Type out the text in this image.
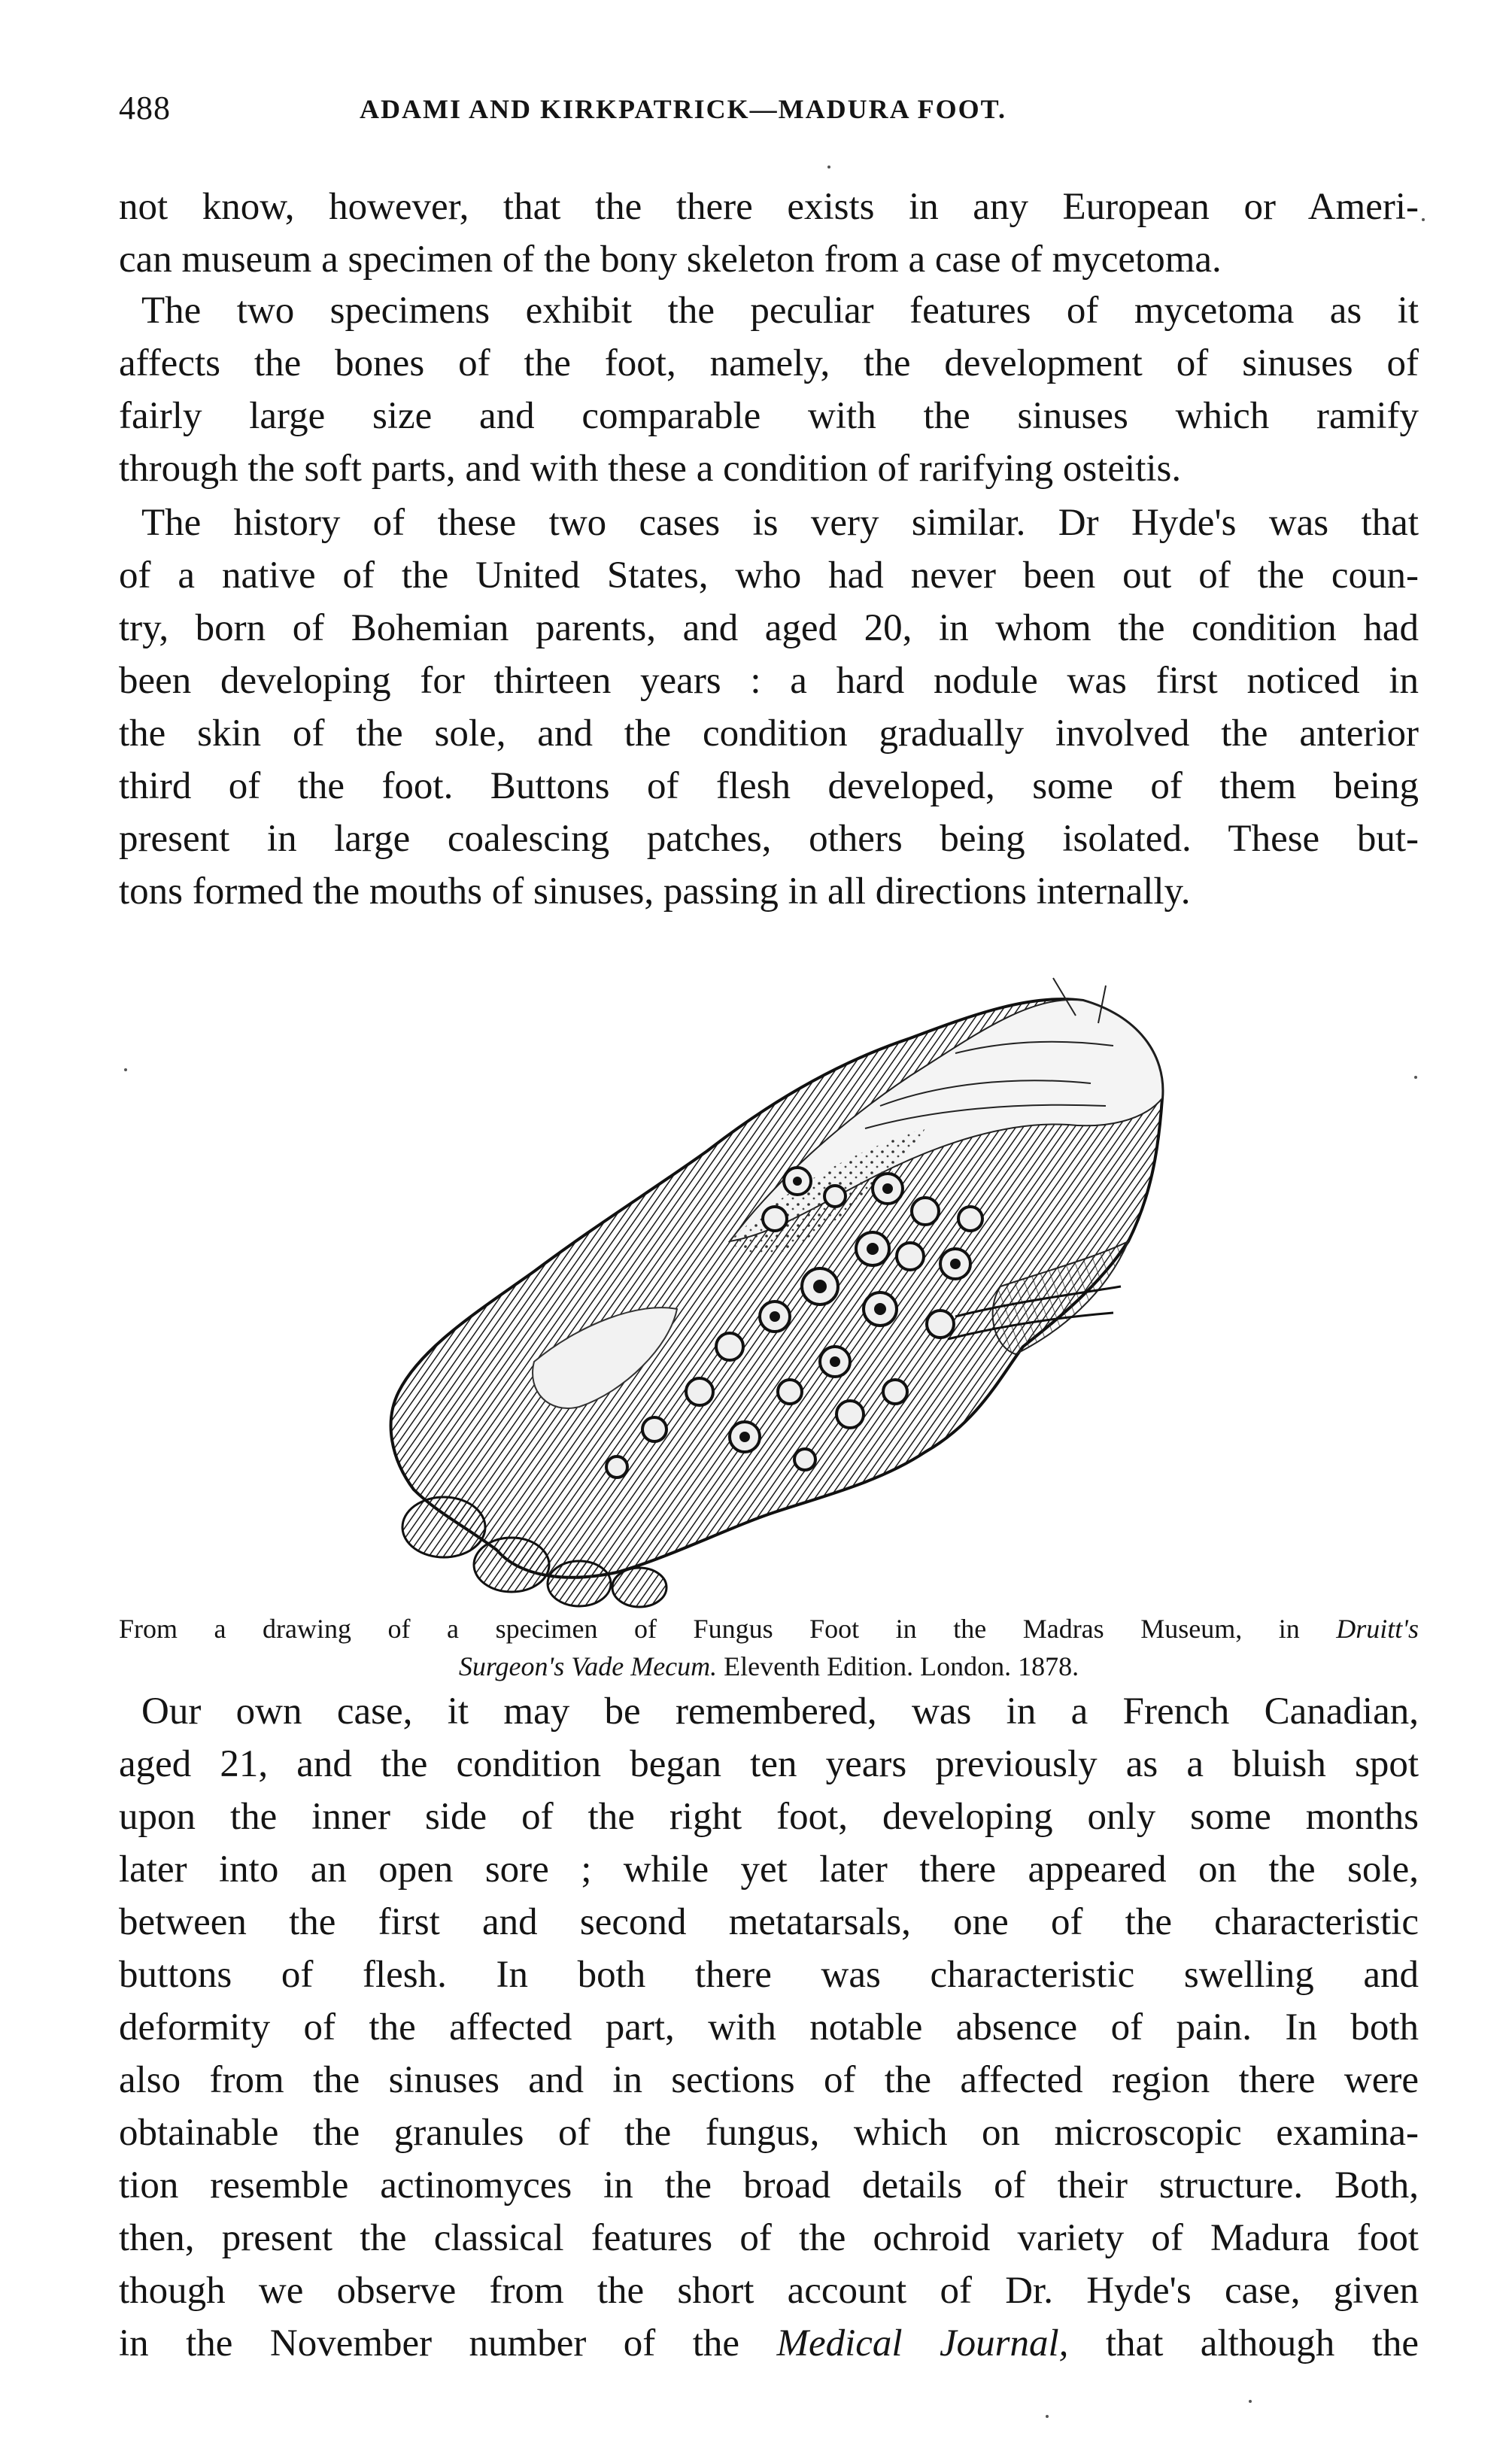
488	ADAMI AND KIRKPATRICK—MADURA FOOT.

not know, however, that the there exists in any European or Ameri-
can museum a specimen of the bony skeleton from a case of mycetoma.

The two specimens exhibit the peculiar features of mycetoma as it
affects the bones of the foot, namely, the development of sinuses of
fairly large size and comparable with the sinuses which ramify
through the soft parts, and with these a condition of rarifying osteitis.

The history of these two cases is very similar. Dr Hyde's was that
of a native of the United States, who had never been out of the coun-
try, born of Bohemian parents, and aged 20, in whom the condition had
been developing for thirteen years : a hard nodule was first noticed in
the skin of the sole, and the condition gradually involved the anterior
third of the foot. Buttons of flesh developed, some of them being
present in large coalescing patches, others being isolated. These but-
tons formed the mouths of sinuses, passing in all directions internally.

From a drawing of a specimen of Fungus Foot in the Madras Museum, in Druitt's
Surgeon's Vade Mecum. Eleventh Edition. London. 1878.

Our own case, it may be remembered, was in a French Canadian,
aged 21, and the condition began ten years previously as a bluish spot
upon the inner side of the right foot, developing only some months
later into an open sore ; while yet later there appeared on the sole,
between the first and second metatarsals, one of the characteristic
buttons of flesh. In both there was characteristic swelling and
deformity of the affected part, with notable absence of pain. In both
also from the sinuses and in sections of the affected region there were
obtainable the granules of the fungus, which on microscopic examina-
tion resemble actinomyces in the broad details of their structure. Both,
then, present the classical features of the ochroid variety of Madura foot
though we observe from the short account of Dr. Hyde's case, given
in the November number of the Medical Journal, that although the
